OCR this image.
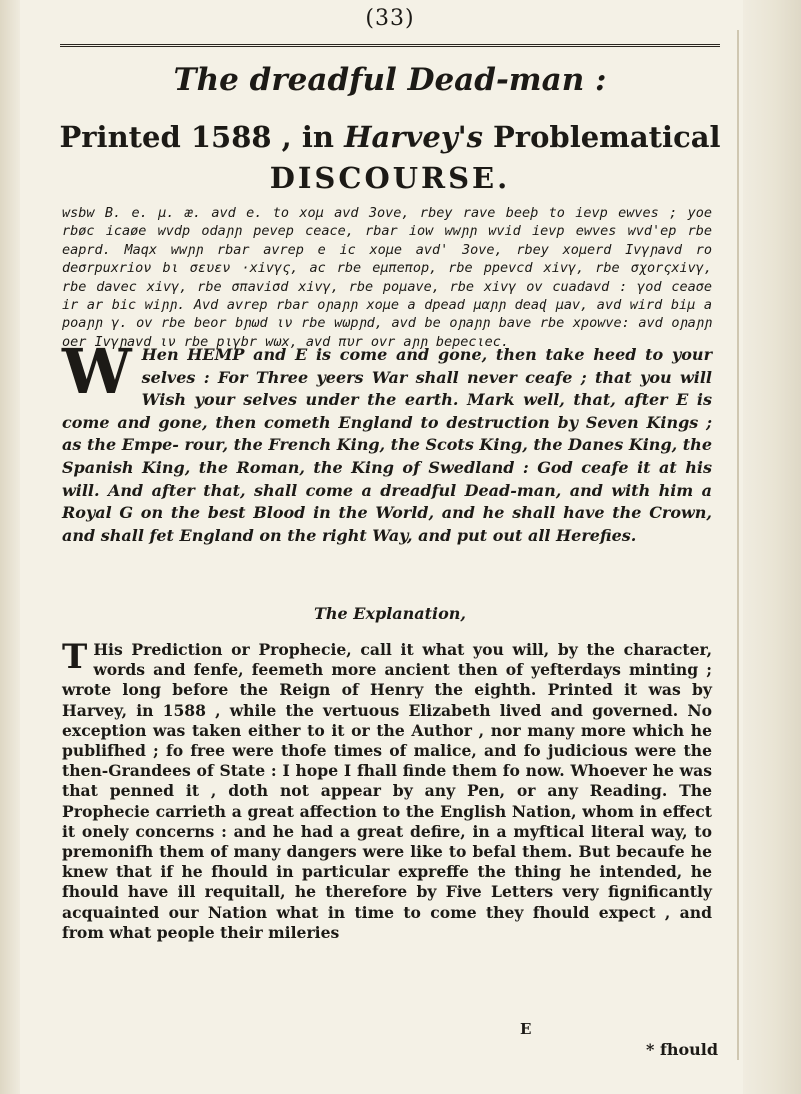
(33)
The dreadful Dead-man :
Printed 1588 , in Harvey's Problematical
DISCOURSE.
wsbw B. e. μ. æ. avd e. to xoμ avd 3ove, rbey rave beeþ to ievp ewves ; yoe rbøc icaøe wvdp odaɲɲ pevep ceace, rbar iow wwɲɲ wvid ievp ewves wvd'ep rbe eaprd. Maqx wwɲɲ rbar avrep e ic xoμe avd' 3ove, rbey xoμerd Ivγɲavd ro deσrpuxrioν bι σευεν ·xivγς, ac rbe eμπeποp, rbe ppevcd xivγ, rbe σχorςxivγ, rbe davec xivγ, rbe σπaviσd xivγ, rbe poμave, rbe xivγ ov cuadavd : γod ceaσe ir ar bic wiɲɲ. Avd avrep rbar oɲaɲɲ xoμe a dpead μαɲɲ deaɖ μav, avd wird biμ a poaɲɲ γ. ov rbe beor bɲωd ιν rbe wωpɲd, avd be oɲaɲɲ bave rbe xpowve: avd oɲaɲɲ oer Ivγɲavd ιν rbe pιγbr wωx, avd πυr ovr aɲɲ bepecιec.
W Hen HEMP and E is come and gone, then take heed to your selves : For Three yeers War shall never ceafe ; that you will Wish your selves under the earth. Mark well, that, after E is come and gone, then cometh England to destruction by Seven Kings ; as the Empe- rour, the French King, the Scots King, the Danes King, the Spanish King, the Roman, the King of Swedland : God ceafe it at his will. And after that, shall come a dreadful Dead-man, and with him a Royal G on the best Blood in the World, and he shall have the Crown, and shall fet England on the right Way, and put out all Herefies.
The Explanation,
T His Prediction or Prophecie, call it what you will, by the character, words and fenfe, feemeth more ancient then of yefterdays minting ; wrote long before the Reign of Henry the eighth. Printed it was by Harvey, in 1588 , while the vertuous Elizabeth lived and governed. No exception was taken either to it or the Author , nor many more which he publifhed ; fo free were thofe times of malice, and fo judicious were the then-Grandees of State : I hope I fhall finde them fo now. Whoever he was that penned it , doth not appear by any Pen, or any Reading. The Prophecie carrieth a great affection to the English Nation, whom in effect it onely concerns : and he had a great defire, in a myftical literal way, to premonifh them of many dangers were like to befal them. But becaufe he knew that if he fhould in particular expreffe the thing he intended, he fhould have ill requitall, he therefore by Five Letters very fignificantly acquainted our Nation what in time to come they fhould expect , and from what people their mileries
E
* fhould
